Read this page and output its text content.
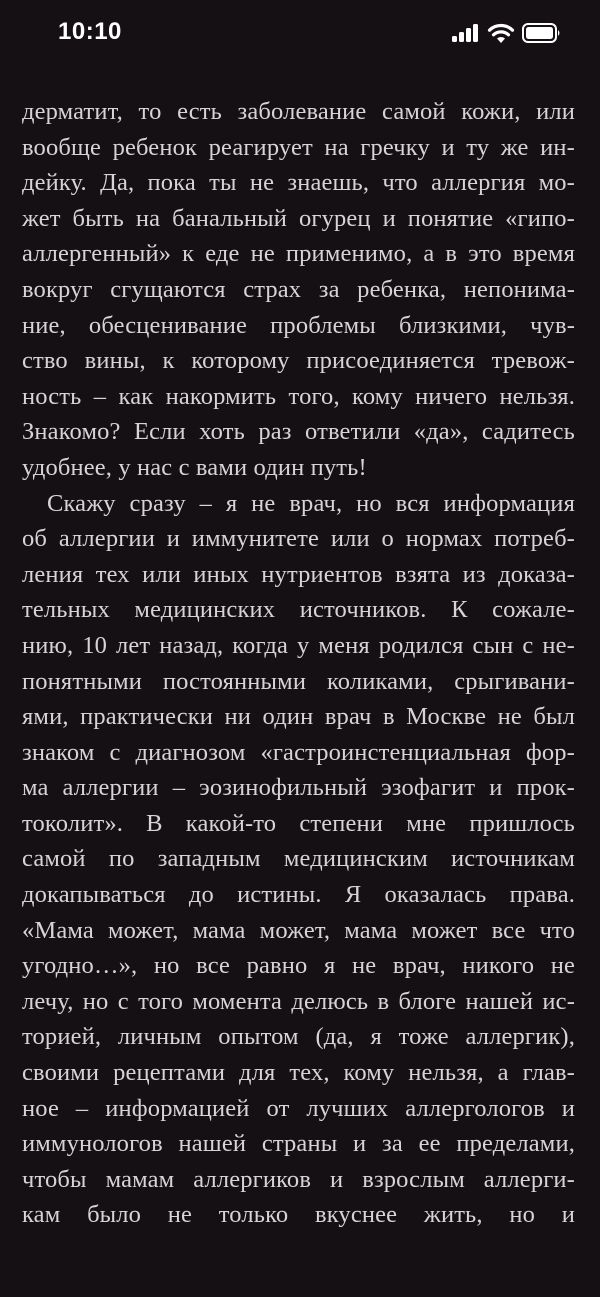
10:10
дерматит, то есть заболевание самой кожи, или
вообще ребенок реагирует на гречку и ту же ин-
дейку. Да, пока ты не знаешь, что аллергия мо-
жет быть на банальный огурец и понятие «гипо-
аллергенный» к еде не применимо, а в это время
вокруг сгущаются страх за ребенка, непонима-
ние, обесценивание проблемы близкими, чув-
ство вины, к которому присоединяется тревож-
ность – как накормить того, кому ничего нельзя.
Знакомо? Если хоть раз ответили «да», садитесь
удобнее, у нас с вами один путь!
Скажу сразу – я не врач, но вся информация
об аллергии и иммунитете или о нормах потреб-
ления тех или иных нутриентов взята из доказа-
тельных медицинских источников. К сожале-
нию, 10 лет назад, когда у меня родился сын с не-
понятными постоянными коликами, срыгивани-
ями, практически ни один врач в Москве не был
знаком с диагнозом «гастроинстенциальная фор-
ма аллергии – эозинофильный эзофагит и прок-
токолит». В какой-то степени мне пришлось
самой по западным медицинским источникам
докапываться до истины. Я оказалась права.
«Мама может, мама может, мама может все что
угодно…», но все равно я не врач, никого не
лечу, но с того момента делюсь в блоге нашей ис-
торией, личным опытом (да, я тоже аллергик),
своими рецептами для тех, кому нельзя, а глав-
ное – информацией от лучших аллергологов и
иммунологов нашей страны и за ее пределами,
чтобы мамам аллергиков и взрослым аллерги-
кам было не только вкуснее жить, но и
